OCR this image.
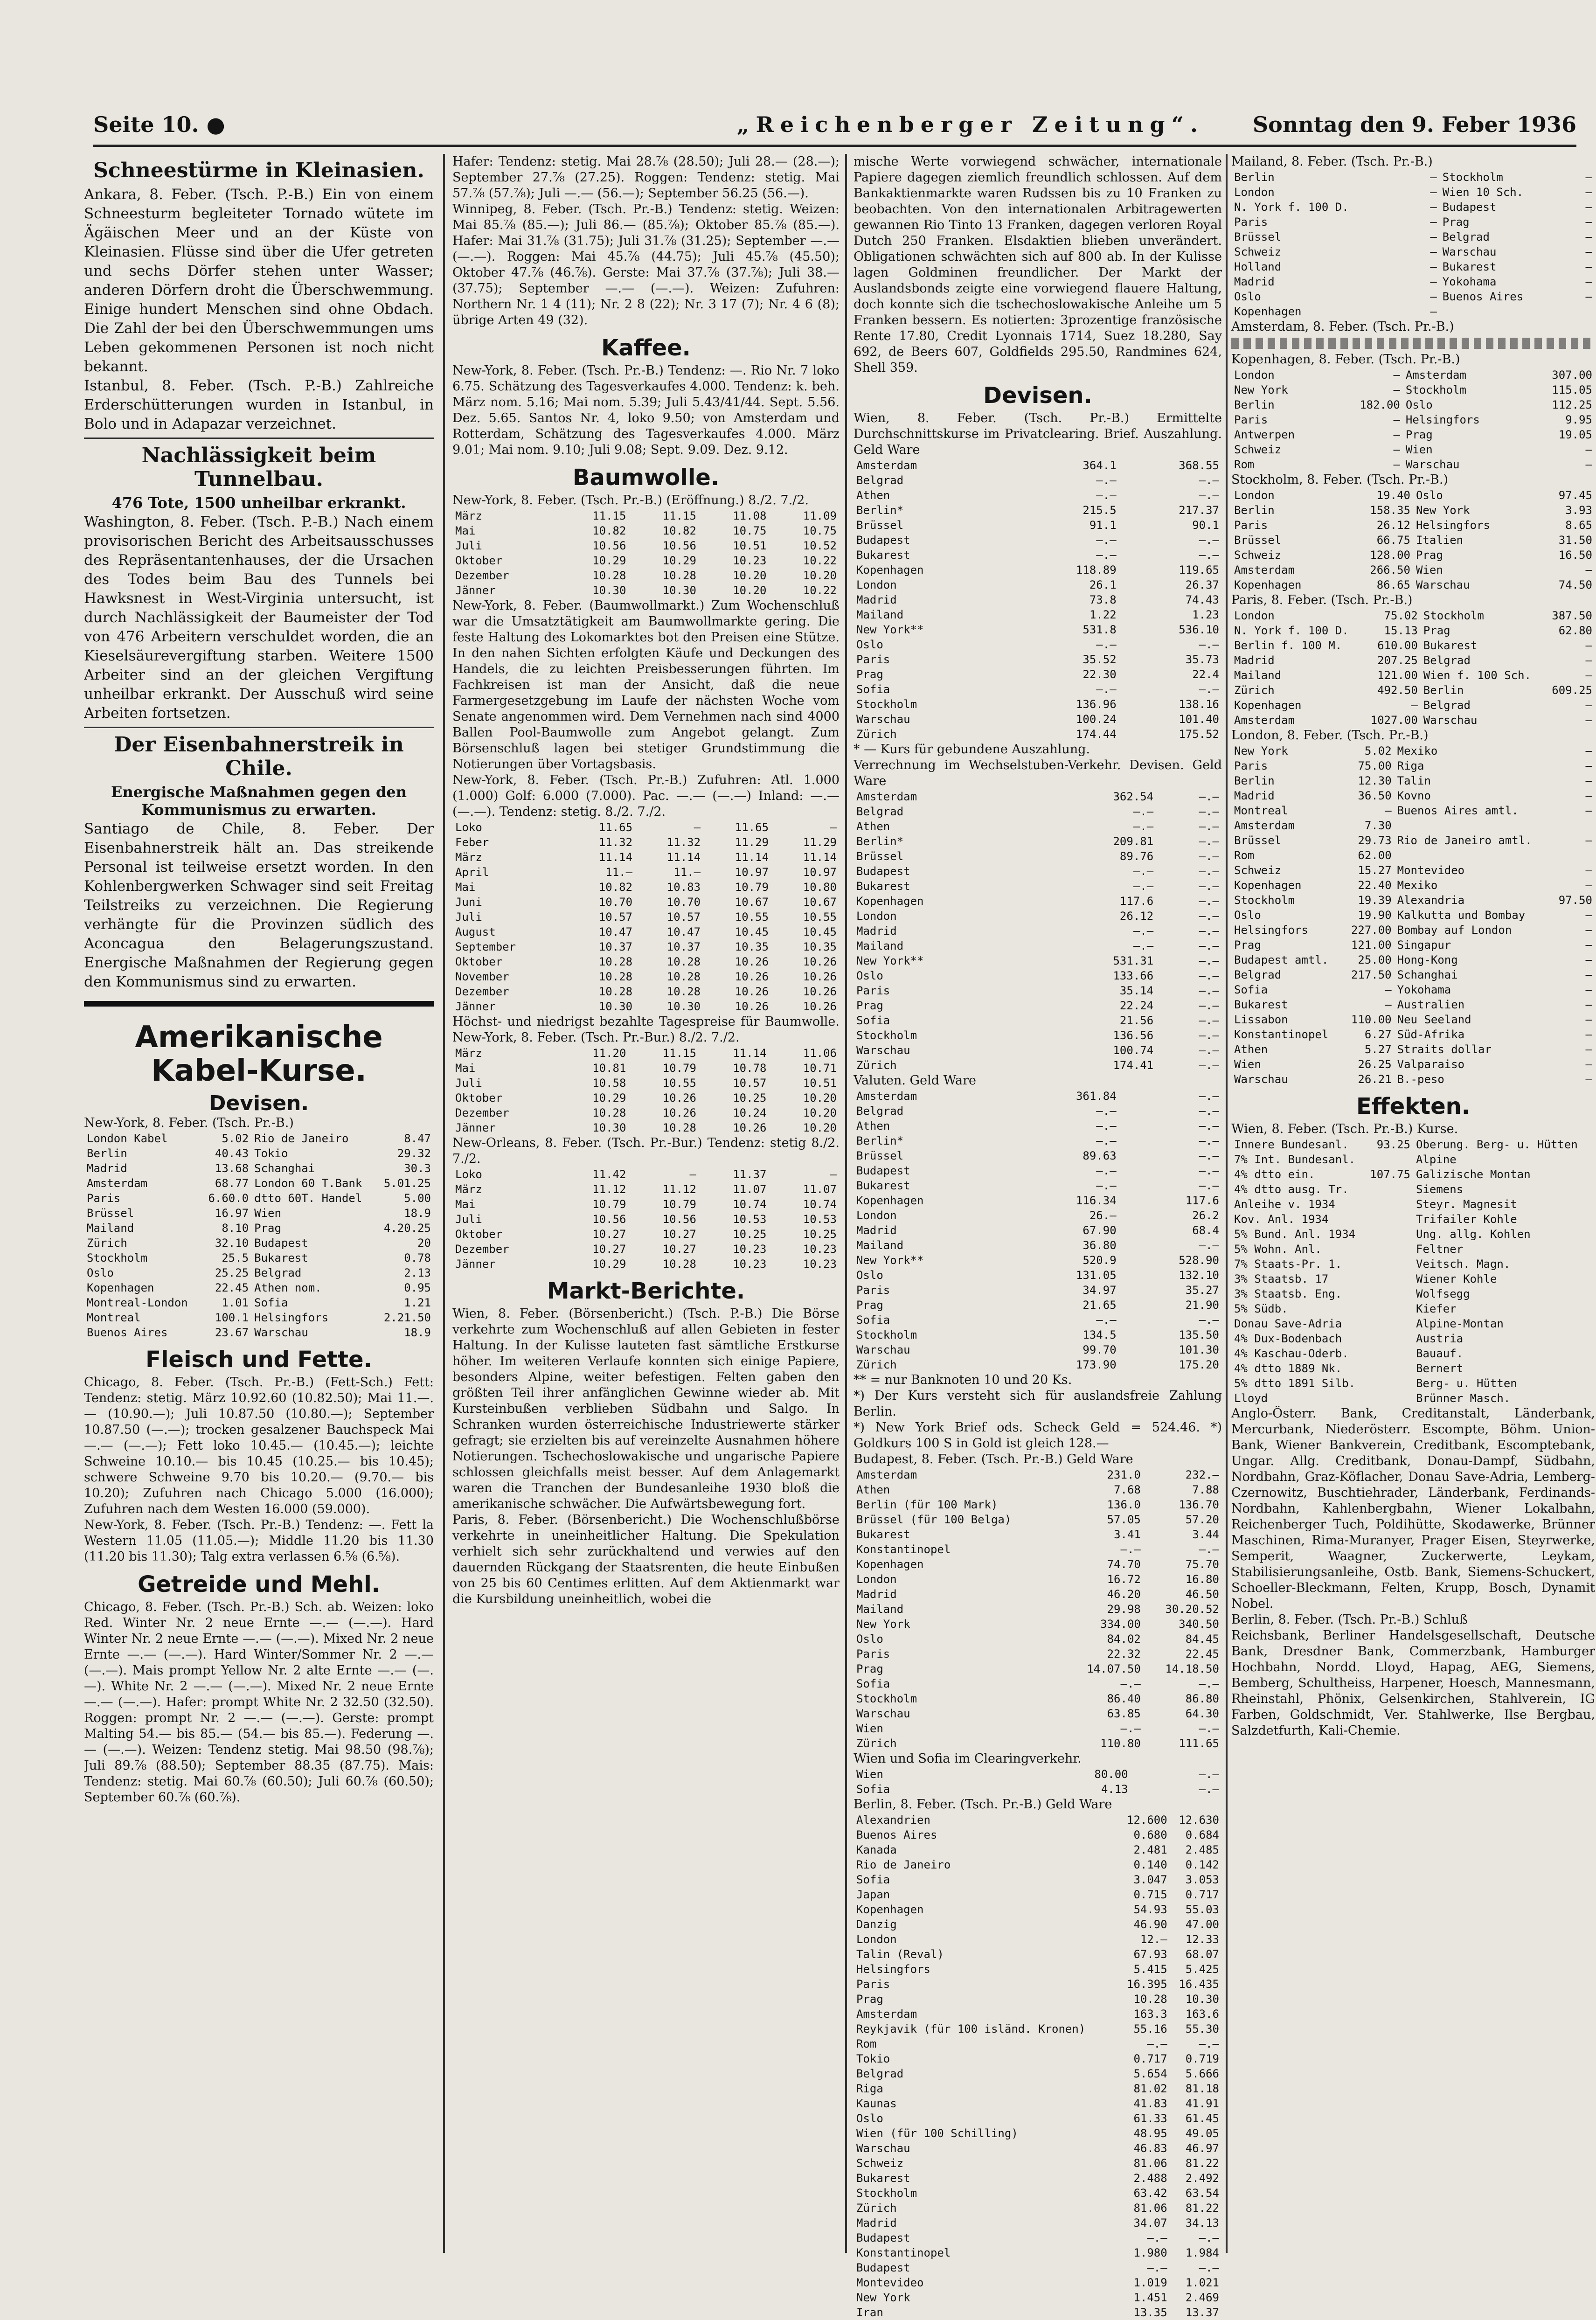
Seite 10. ●	„Reichenberger Zeitung“. Sonntag den 9. Feber 1936
Schneestürme in Kleinasien.

Ankara, 8. Feber. (Tsch. P.-B.) Ein von einem Schneesturm begleiteter Tornado wütete im Ägäischen Meer und an der Küste von Kleinasien. Flüsse sind über die Ufer getreten und sechs Dörfer stehen unter Wasser; anderen Dörfern droht die Überschwemmung. Einige hundert Menschen sind ohne Obdach. Die Zahl der bei den Überschwemmungen ums Leben gekommenen Personen ist noch nicht bekannt.

Istanbul, 8. Feber. (Tsch. P.-B.) Zahlreiche Erderschütterungen wurden in Istanbul, in Bolo und in Adapazar verzeichnet.

Nachlässigkeit beim Tunnelbau.
476 Tote, 1500 unheilbar erkrankt.

Washington, 8. Feber. (Tsch. P.-B.) Nach einem provisorischen Bericht des Arbeitsausschusses des Repräsentantenhauses, der die Ursachen des Todes beim Bau des Tunnels bei Hawksnest in West-Virginia untersucht, ist durch Nachlässigkeit der Baumeister der Tod von 476 Arbeitern verschuldet worden, die an Kieselsäurevergiftung starben. Weitere 1500 Arbeiter sind an der gleichen Vergiftung unheilbar erkrankt. Der Ausschuß wird seine Arbeiten fortsetzen.

Der Eisenbahnerstreik in Chile.
Energische Maßnahmen gegen den Kommunismus zu erwarten.

Santiago de Chile, 8. Feber. Der Eisenbahnerstreik hält an. Das streikende Personal ist teilweise ersetzt worden. In den Kohlenbergwerken Schwager sind seit Freitag Teilstreiks zu verzeichnen. Die Regierung verhängte für die Provinzen südlich des Aconcagua den Belagerungszustand. Energische Maßnahmen der Regierung gegen den Kommunismus sind zu erwarten.

Amerikanische Kabel-Kurse.
Devisen.

New-York, 8. Feber. (Tsch. Pr.-B.)

London Kabel	5.02	Rio de Janeiro	8.47
Berlin	40.43	Tokio	29.32
Madrid	13.68	Schanghai	30.3
Amsterdam	68.77	London 60 T.Bank	5.01.25
Paris	6.60.0	dtto 60T. Handel	5.00
Brüssel	16.97	Wien	18.9
Mailand	8.10	Prag	4.20.25
Zürich	32.10	Budapest	20
Stockholm	25.5	Bukarest	0.78
Oslo	25.25	Belgrad	2.13
Kopenhagen	22.45	Athen nom.	0.95
Montreal-London	1.01	Sofia	1.21
Montreal	100.1	Helsingfors	2.21.50
Buenos Aires	23.67	Warschau	18.9
Fleisch und Fette.

Chicago, 8. Feber. (Tsch. Pr.-B.) (Fett-Sch.) Fett: Tendenz: stetig. März 10.92.60 (10.82.50); Mai 11.—.— (10.90.—); Juli 10.87.50 (10.80.—); September 10.87.50 (—.—); trocken gesalzener Bauchspeck Mai —.— (—.—); Fett loko 10.45.— (10.45.—); leichte Schweine 10.10.— bis 10.45 (10.25.— bis 10.45); schwere Schweine 9.70 bis 10.20.— (9.70.— bis 10.20); Zufuhren nach Chicago 5.000 (16.000); Zufuhren nach dem Westen 16.000 (59.000).

New-York, 8. Feber. (Tsch. Pr.-B.) Tendenz: —. Fett la Western 11.05 (11.05.—); Middle 11.20 bis 11.30 (11.20 bis 11.30); Talg extra verlassen 6.⅝ (6.⅝).

Getreide und Mehl.

Chicago, 8. Feber. (Tsch. Pr.-B.) Sch. ab. Weizen: loko Red. Winter Nr. 2 neue Ernte —.— (—.—). Hard Winter Nr. 2 neue Ernte —.— (—.—). Mixed Nr. 2 neue Ernte —.— (—.—). Hard Winter/Sommer Nr. 2 —.— (—.—). Mais prompt Yellow Nr. 2 alte Ernte —.— (—.—). White Nr. 2 —.— (—.—). Mixed Nr. 2 neue Ernte —.— (—.—). Hafer: prompt White Nr. 2 32.50 (32.50). Roggen: prompt Nr. 2 —.— (—.—). Gerste: prompt Malting 54.— bis 85.— (54.— bis 85.—). Federung —.— (—.—). Weizen: Tendenz stetig. Mai 98.50 (98.⅞); Juli 89.⅞ (88.50); September 88.35 (87.75). Mais: Tendenz: stetig. Mai 60.⅞ (60.50); Juli 60.⅞ (60.50); September 60.⅞ (60.⅞).

Hafer: Tendenz: stetig. Mai 28.⅞ (28.50); Juli 28.— (28.—); September 27.⅞ (27.25). Roggen: Tendenz: stetig. Mai 57.⅞ (57.⅞); Juli —.— (56.—); September 56.25 (56.—).

Winnipeg, 8. Feber. (Tsch. Pr.-B.) Tendenz: stetig. Weizen: Mai 85.⅞ (85.—); Juli 86.— (85.⅞); Oktober 85.⅞ (85.—). Hafer: Mai 31.⅞ (31.75); Juli 31.⅞ (31.25); September —.— (—.—). Roggen: Mai 45.⅞ (44.75); Juli 45.⅞ (45.50); Oktober 47.⅞ (46.⅞). Gerste: Mai 37.⅞ (37.⅞); Juli 38.— (37.75); September —.— (—.—). Weizen: Zufuhren: Northern Nr. 1 4 (11); Nr. 2 8 (22); Nr. 3 17 (7); Nr. 4 6 (8); übrige Arten 49 (32).

Kaffee.

New-York, 8. Feber. (Tsch. Pr.-B.) Tendenz: —. Rio Nr. 7 loko 6.75. Schätzung des Tagesverkaufes 4.000. Tendenz: k. beh. März nom. 5.16; Mai nom. 5.39; Juli 5.43/41/44. Sept. 5.56. Dez. 5.65. Santos Nr. 4, loko 9.50; von Amsterdam und Rotterdam, Schätzung des Tagesverkaufes 4.000. März 9.01; Mai nom. 9.10; Juli 9.08; Sept. 9.09. Dez. 9.12.

Baumwolle.

New-York, 8. Feber. (Tsch. Pr.-B.) (Eröffnung.) 8./2. 7./2.

März	11.15	11.15	11.08	11.09
Mai	10.82	10.82	10.75	10.75
Juli	10.56	10.56	10.51	10.52
Oktober	10.29	10.29	10.23	10.22
Dezember	10.28	10.28	10.20	10.20
Jänner	10.30	10.30	10.20	10.22

New-York, 8. Feber. (Baumwollmarkt.) Zum Wochenschluß war die Umsatztätigkeit am Baumwollmarkte gering. Die feste Haltung des Lokomarktes bot den Preisen eine Stütze. In den nahen Sichten erfolgten Käufe und Deckungen des Handels, die zu leichten Preisbesserungen führten. Im Fachkreisen ist man der Ansicht, daß die neue Farmergesetzgebung im Laufe der nächsten Woche vom Senate angenommen wird. Dem Vernehmen nach sind 4000 Ballen Pool-Baumwolle zum Angebot gelangt. Zum Börsenschluß lagen bei stetiger Grundstimmung die Notierungen über Vortagsbasis.

New-York, 8. Feber. (Tsch. Pr.-B.) Zufuhren: Atl. 1.000 (1.000) Golf: 6.000 (7.000). Pac. —.— (—.—) Inland: —.— (—.—). Tendenz: stetig. 8./2. 7./2.

Loko	11.65	—	11.65	—
Feber	11.32	11.32	11.29	11.29
März	11.14	11.14	11.14	11.14
April	11.—	11.—	10.97	10.97
Mai	10.82	10.83	10.79	10.80
Juni	10.70	10.70	10.67	10.67
Juli	10.57	10.57	10.55	10.55
August	10.47	10.47	10.45	10.45
September	10.37	10.37	10.35	10.35
Oktober	10.28	10.28	10.26	10.26
November	10.28	10.28	10.26	10.26
Dezember	10.28	10.28	10.26	10.26
Jänner	10.30	10.30	10.26	10.26

Höchst- und niedrigst bezahlte Tagespreise für Baumwolle. New-York, 8. Feber. (Tsch. Pr.-Bur.) 8./2. 7./2.

März	11.20	11.15	11.14	11.06
Mai	10.81	10.79	10.78	10.71
Juli	10.58	10.55	10.57	10.51
Oktober	10.29	10.26	10.25	10.20
Dezember	10.28	10.26	10.24	10.20
Jänner	10.30	10.28	10.26	10.20

New-Orleans, 8. Feber. (Tsch. Pr.-Bur.) Tendenz: stetig 8./2. 7./2.

Loko	11.42	—	11.37	—
März	11.12	11.12	11.07	11.07
Mai	10.79	10.79	10.74	10.74
Juli	10.56	10.56	10.53	10.53
Oktober	10.27	10.27	10.25	10.25
Dezember	10.27	10.27	10.23	10.23
Jänner	10.29	10.28	10.23	10.23
Markt-Berichte.

Wien, 8. Feber. (Börsenbericht.) (Tsch. P.-B.) Die Börse verkehrte zum Wochenschluß auf allen Gebieten in fester Haltung. In der Kulisse lauteten fast sämtliche Erstkurse höher. Im weiteren Verlaufe konnten sich einige Papiere, besonders Alpine, weiter befestigen. Felten gaben den größten Teil ihrer anfänglichen Gewinne wieder ab. Mit Kursteinbußen verblieben Südbahn und Salgo. In Schranken wurden österreichische Industriewerte stärker gefragt; sie erzielten bis auf vereinzelte Ausnahmen höhere Notierungen. Tschechoslowakische und ungarische Papiere schlossen gleichfalls meist besser. Auf dem Anlagemarkt waren die Tranchen der Bundesanleihe 1930 bloß die amerikanische schwächer. Die Aufwärtsbewegung fort.

Paris, 8. Feber. (Börsenbericht.) Die Wochenschlußbörse verkehrte in uneinheitlicher Haltung. Die Spekulation verhielt sich sehr zurückhaltend und verwies auf den dauernden Rückgang der Staatsrenten, die heute Einbußen von 25 bis 60 Centimes erlitten. Auf dem Aktienmarkt war die Kursbildung uneinheitlich, wobei die

mische Werte vorwiegend schwächer, internationale Papiere dagegen ziemlich freundlich schlossen. Auf dem Bankaktienmarkte waren Rudssen bis zu 10 Franken zu beobachten. Von den internationalen Arbitragewerten gewannen Rio Tinto 13 Franken, dagegen verloren Royal Dutch 250 Franken. Elsdaktien blieben unverändert. Obligationen schwächten sich auf 800 ab. In der Kulisse lagen Goldminen freundlicher. Der Markt der Auslandsbonds zeigte eine vorwiegend flauere Haltung, doch konnte sich die tschechoslowakische Anleihe um 5 Franken bessern. Es notierten: 3prozentige französische Rente 17.80, Credit Lyonnais 1714, Suez 18.280, Say 692, de Beers 607, Goldfields 295.50, Randmines 624, Shell 359.

Devisen.

Wien, 8. Feber. (Tsch. Pr.-B.) Ermittelte Durchschnittskurse im Privatclearing. Brief. Auszahlung. Geld Ware

Amsterdam	364.1	368.55
Belgrad	—.—	—.—
Athen	—.—	—.—
Berlin*	215.5	217.37
Brüssel	91.1	90.1
Budapest	—.—	—.—
Bukarest	—.—	—.—
Kopenhagen	118.89	119.65
London	26.1	26.37
Madrid	73.8	74.43
Mailand	1.22	1.23
New York**	531.8	536.10
Oslo	—.—	—.—
Paris	35.52	35.73
Prag	22.30	22.4
Sofia	—.—	—.—
Stockholm	136.96	138.16
Warschau	100.24	101.40
Zürich	174.44	175.52

* — Kurs für gebundene Auszahlung.

Verrechnung im Wechselstuben-Verkehr. Devisen. Geld Ware

Amsterdam	362.54	—.—
Belgrad	—.—	—.—
Athen	—.—	—.—
Berlin*	209.81	—.—
Brüssel	89.76	—.—
Budapest	—.—	—.—
Bukarest	—.—	—.—
Kopenhagen	117.6	—.—
London	26.12	—.—
Madrid	—.—	—.—
Mailand	—.—	—.—
New York**	531.31	—.—
Oslo	133.66	—.—
Paris	35.14	—.—
Prag	22.24	—.—
Sofia	21.56	—.—
Stockholm	136.56	—.—
Warschau	100.74	—.—
Zürich	174.41	—.—

Valuten. Geld Ware

Amsterdam	361.84	—.—
Belgrad	—.—	—.—
Athen	—.—	—.—
Berlin*	—.—	—.—
Brüssel	89.63	—.—
Budapest	—.—	—.—
Bukarest	—.—	—.—
Kopenhagen	116.34	117.6
London	26.—	26.2
Madrid	67.90	68.4
Mailand	36.80	—.—
New York**	520.9	528.90
Oslo	131.05	132.10
Paris	34.97	35.27
Prag	21.65	21.90
Sofia	—.—	—.—
Stockholm	134.5	135.50
Warschau	99.70	101.30
Zürich	173.90	175.20

** = nur Banknoten 10 und 20 Ks.

*) Der Kurs versteht sich für auslandsfreie Zahlung Berlin.

*) New York Brief ods. Scheck Geld = 524.46. *) Goldkurs 100 S in Gold ist gleich 128.—

Budapest, 8. Feber. (Tsch. Pr.-B.) Geld Ware

Amsterdam	231.0	232.—
Athen	7.68	7.88
Berlin (für 100 Mark)	136.0	136.70
Brüssel (für 100 Belga)	57.05	57.20
Bukarest	3.41	3.44
Konstantinopel	—.—	—.—
Kopenhagen	74.70	75.70
London	16.72	16.80
Madrid	46.20	46.50
Mailand	29.98	30.20.52
New York	334.00	340.50
Oslo	84.02	84.45
Paris	22.32	22.45
Prag	14.07.50	14.18.50
Sofia	—.—	—.—
Stockholm	86.40	86.80
Warschau	63.85	64.30
Wien	—.—	—.—
Zürich	110.80	111.65

Wien und Sofia im Clearingverkehr.

Wien	80.00	—.—
Sofia	4.13	—.—

Berlin, 8. Feber. (Tsch. Pr.-B.) Geld Ware

Alexandrien	12.600	12.630
Buenos Aires	0.680	0.684
Kanada	2.481	2.485
Rio de Janeiro	0.140	0.142
Sofia	3.047	3.053
Japan	0.715	0.717
Kopenhagen	54.93	55.03
Danzig	46.90	47.00
London	12.—	12.33
Talin (Reval)	67.93	68.07
Helsingfors	5.415	5.425
Paris	16.395	16.435
Prag	10.28	10.30
Amsterdam	163.3	163.6
Reykjavik (für 100 isländ. Kronen)	55.16	55.30
Rom	—.—	—.—
Tokio	0.717	0.719
Belgrad	5.654	5.666
Riga	81.02	81.18
Kaunas	41.83	41.91
Oslo	61.33	61.45
Wien (für 100 Schilling)	48.95	49.05
Warschau	46.83	46.97
Schweiz	81.06	81.22
Bukarest	2.488	2.492
Stockholm	63.42	63.54
Zürich	81.06	81.22
Madrid	34.07	34.13
Budapest	—.—	—.—
Konstantinopel	1.980	1.984
Budapest	—.—	—.—
Montevideo	1.019	1.021
New York	1.451	2.469
Iran	13.35	13.37

Mailand, 8. Feber. (Tsch. Pr.-B.)

Berlin	—	Stockholm	—
London	—	Wien 10 Sch.	—
N. York f. 100 D.	—	Budapest	—
Paris	—	Prag	—
Brüssel	—	Belgrad	—
Schweiz	—	Warschau	—
Holland	—	Bukarest	—
Madrid	—	Yokohama	—
Oslo	—	Buenos Aires	—
Kopenhagen	—		

Amsterdam, 8. Feber. (Tsch. Pr.-B.)

Kopenhagen, 8. Feber. (Tsch. Pr.-B.)

London	—	Amsterdam	307.00
New York	—	Stockholm	115.05
Berlin	182.00	Oslo	112.25
Paris	—	Helsingfors	9.95
Antwerpen	—	Prag	19.05
Schweiz	—	Wien	—
Rom	—	Warschau	—

Stockholm, 8. Feber. (Tsch. Pr.-B.)

London	19.40	Oslo	97.45
Berlin	158.35	New York	3.93
Paris	26.12	Helsingfors	8.65
Brüssel	66.75	Italien	31.50
Schweiz	128.00	Prag	16.50
Amsterdam	266.50	Wien	—
Kopenhagen	86.65	Warschau	74.50

Paris, 8. Feber. (Tsch. Pr.-B.)

London	75.02	Stockholm	387.50
N. York f. 100 D.	15.13	Prag	62.80
Berlin f. 100 M.	610.00	Bukarest	—
Madrid	207.25	Belgrad	—
Mailand	121.00	Wien f. 100 Sch.	—
Zürich	492.50	Berlin	609.25
Kopenhagen	—	Belgrad	—
Amsterdam	1027.00	Warschau	—

London, 8. Feber. (Tsch. Pr.-B.)

New York	5.02	Mexiko	—
Paris	75.00	Riga	—
Berlin	12.30	Talin	—
Madrid	36.50	Kovno	—
Montreal	—	Buenos Aires amtl.	—
Amsterdam	7.30		
Brüssel	29.73	Rio de Janeiro amtl.	—
Rom	62.00		
Schweiz	15.27	Montevideo	—
Kopenhagen	22.40	Mexiko	—
Stockholm	19.39	Alexandria	97.50
Oslo	19.90	Kalkutta und Bombay	—
Helsingfors	227.00	Bombay auf London	—
Prag	121.00	Singapur	—
Budapest amtl.	25.00	Hong-Kong	—
Belgrad	217.50	Schanghai	—
Sofia	—	Yokohama	—
Bukarest	—	Australien	—
Lissabon	110.00	Neu Seeland	—
Konstantinopel	6.27	Süd-Afrika	—
Athen	5.27	Straits dollar	—
Wien	26.25	Valparaiso	—
Warschau	26.21	B.-peso	—
Effekten.

Wien, 8. Feber. (Tsch. Pr.-B.) Kurse.

Innere Bundesanl.	93.25	Oberung. Berg- u. Hütten	
7% Int. Bundesanl.		Alpine	
4% dtto ein.	107.75	Galizische Montan	
4% dtto ausg. Tr.		Siemens	
Anleihe v. 1934		Steyr. Magnesit	
Kov. Anl. 1934		Trifailer Kohle	
5% Bund. Anl. 1934		Ung. allg. Kohlen	
5% Wohn. Anl.		Feltner	
7% Staats-Pr. 1.		Veitsch. Magn.	
3% Staatsb. 17		Wiener Kohle	
3% Staatsb. Eng.		Wolfsegg	
5% Südb.		Kiefer	
Donau Save-Adria		Alpine-Montan	
4% Dux-Bodenbach		Austria	
4% Kaschau-Oderb.		Bauauf.	
4% dtto 1889 Nk.		Bernert	
5% dtto 1891 Silb.		Berg- u. Hütten	
Lloyd		Brünner Masch.	

Anglo-Österr. Bank, Creditanstalt, Länderbank, Mercurbank, Niederösterr. Escompte, Böhm. Union-Bank, Wiener Bankverein, Creditbank, Escomptebank, Ungar. Allg. Creditbank, Donau-Dampf, Südbahn, Nordbahn, Graz-Köflacher, Donau Save-Adria, Lemberg-Czernowitz, Buschtiehrader, Länderbank, Ferdinands-Nordbahn, Kahlenbergbahn, Wiener Lokalbahn, Reichenberger Tuch, Poldihütte, Skodawerke, Brünner Maschinen, Rima-Muranyer, Prager Eisen, Steyrwerke, Semperit, Waagner, Zuckerwerte, Leykam, Stabilisierungsanleihe, Ostb. Bank, Siemens-Schuckert, Schoeller-Bleckmann, Felten, Krupp, Bosch, Dynamit Nobel.

Berlin, 8. Feber. (Tsch. Pr.-B.) Schluß

Reichsbank, Berliner Handelsgesellschaft, Deutsche Bank, Dresdner Bank, Commerzbank, Hamburger Hochbahn, Nordd. Lloyd, Hapag, AEG, Siemens, Bemberg, Schultheiss, Harpener, Hoesch, Mannesmann, Rheinstahl, Phönix, Gelsenkirchen, Stahlverein, IG Farben, Goldschmidt, Ver. Stahlwerke, Ilse Bergbau, Salzdetfurth, Kali-Chemie.
